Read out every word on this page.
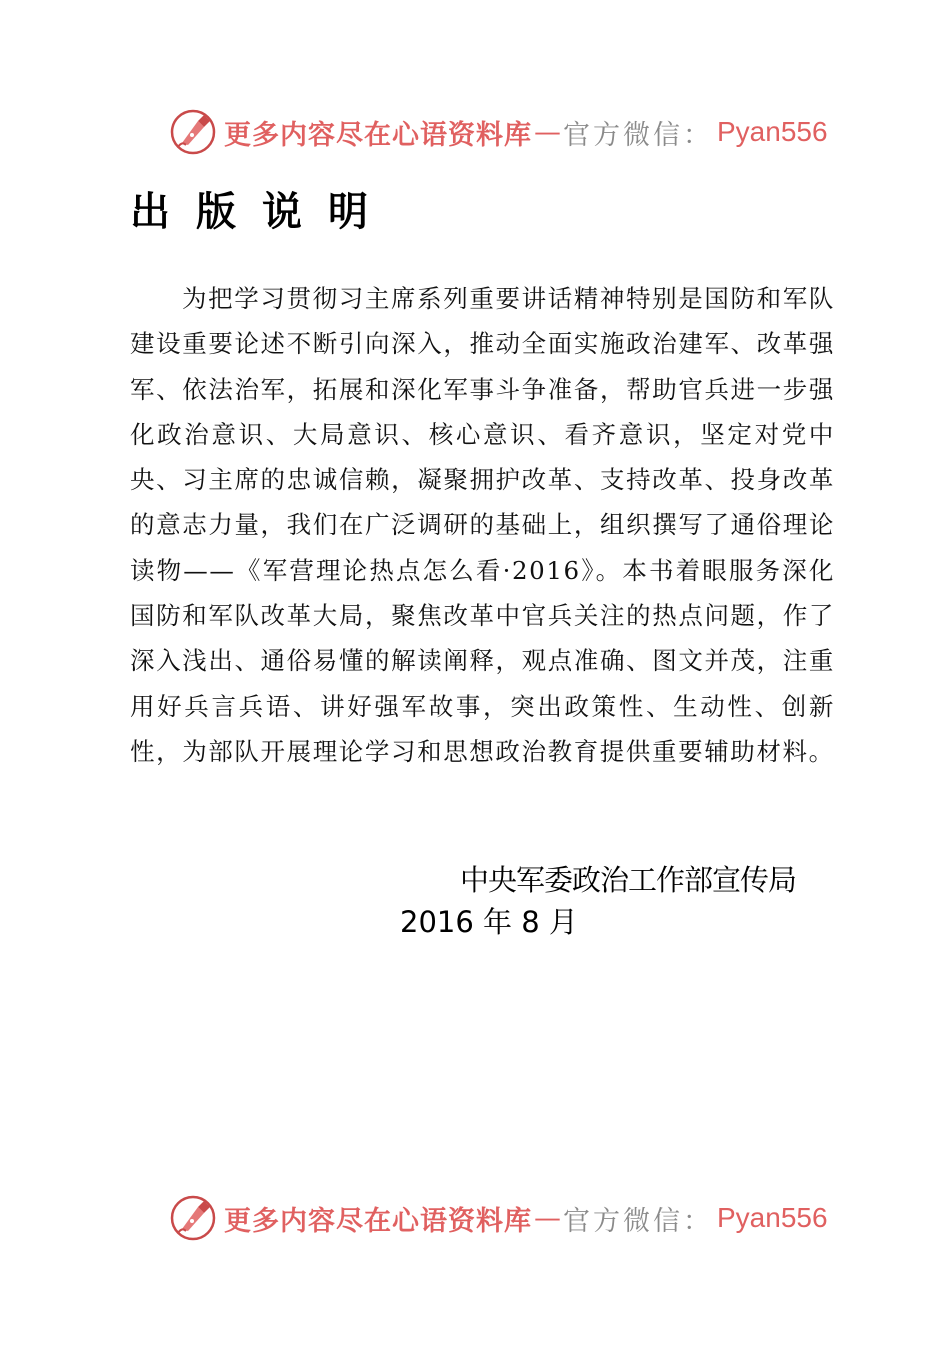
更多内容尽在心语资料库 — 官方微信： Pyan556
出版说明
为把学习贯彻习主席系列重要讲话精神特别是国防和军队建设重要论述不断引向深入，推动全面实施政治建军、改革强军、依法治军，拓展和深化军事斗争准备，帮助官兵进一步强化政治意识、大局意识、核心意识、看齐意识，坚定对党中央、习主席的忠诚信赖，凝聚拥护改革、支持改革、投身改革的意志力量，我们在广泛调研的基础上，组织撰写了通俗理论读物——《军营理论热点怎么看·2016》。本书着眼服务深化国防和军队改革大局，聚焦改革中官兵关注的热点问题，作了深入浅出、通俗易懂的解读阐释，观点准确、图文并茂，注重用好兵言兵语、讲好强军故事，突出政策性、生动性、创新性，为部队开展理论学习和思想政治教育提供重要辅助材料。
中央军委政治工作部宣传局
2016 年 8 月
更多内容尽在心语资料库 — 官方微信： Pyan556
